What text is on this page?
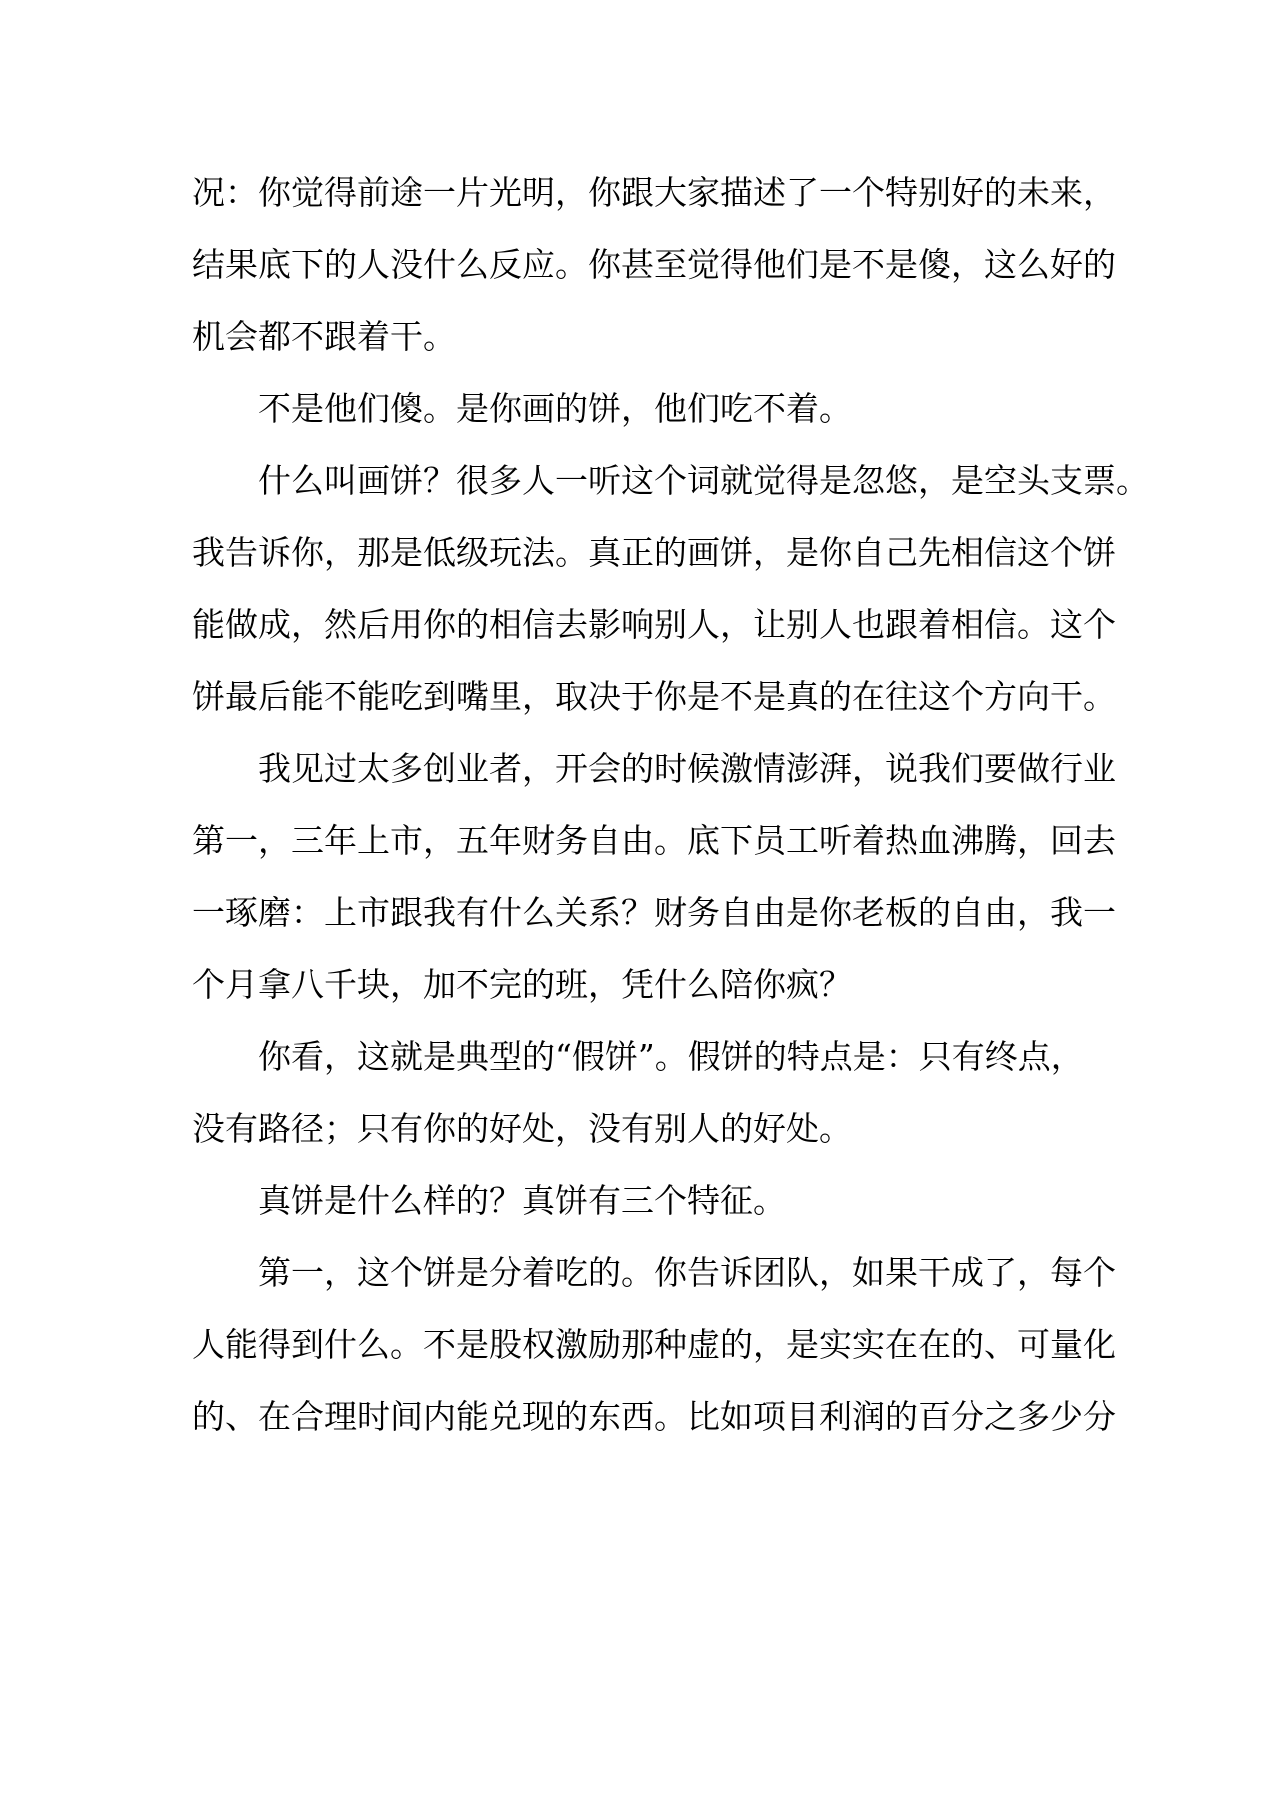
况：你觉得前途一片光明，你跟大家描述了一个特别好的未来，
结果底下的人没什么反应。你甚至觉得他们是不是傻，这么好的
机会都不跟着干。
不是他们傻。是你画的饼，他们吃不着。
什么叫画饼？很多人一听这个词就觉得是忽悠，是空头支票。
我告诉你，那是低级玩法。真正的画饼，是你自己先相信这个饼
能做成，然后用你的相信去影响别人，让别人也跟着相信。这个
饼最后能不能吃到嘴里，取决于你是不是真的在往这个方向干。
我见过太多创业者，开会的时候激情澎湃，说我们要做行业
第一，三年上市，五年财务自由。底下员工听着热血沸腾，回去
一琢磨：上市跟我有什么关系？财务自由是你老板的自由，我一
个月拿八千块，加不完的班，凭什么陪你疯？
你看，这就是典型的“假饼”。假饼的特点是：只有终点，
没有路径；只有你的好处，没有别人的好处。
真饼是什么样的？真饼有三个特征。
第一，这个饼是分着吃的。你告诉团队，如果干成了，每个
人能得到什么。不是股权激励那种虚的，是实实在在的、可量化
的、在合理时间内能兑现的东西。比如项目利润的百分之多少分
